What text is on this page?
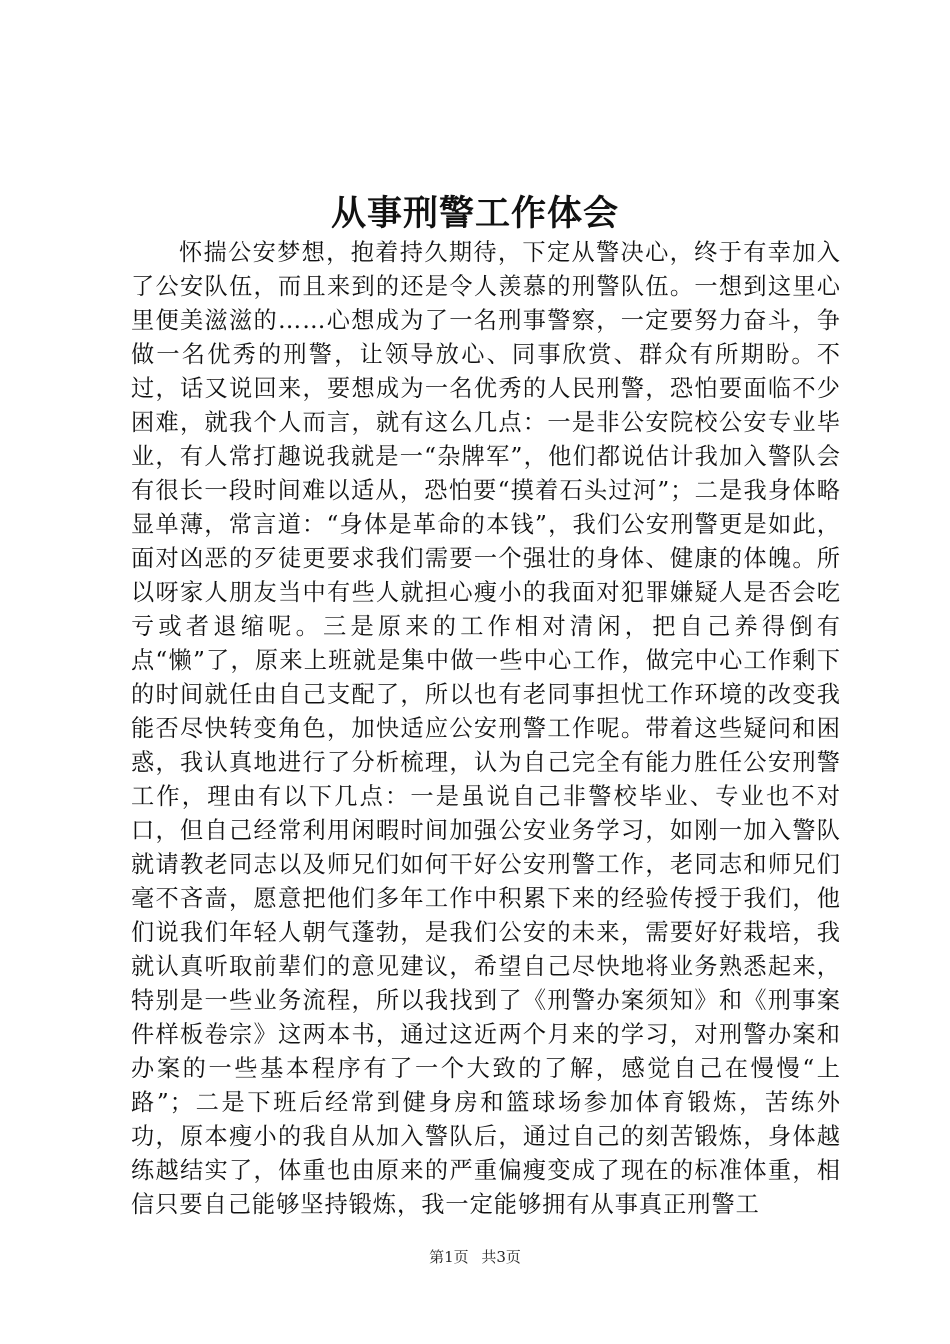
从事刑警工作体会

怀揣公安梦想，抱着持久期待，下定从警决心，终于有幸加入了公安队伍，而且来到的还是令人羡慕的刑警队伍。一想到这里心里便美滋滋的……心想成为了一名刑事警察，一定要努力奋斗，争做一名优秀的刑警，让领导放心、同事欣赏、群众有所期盼。不过，话又说回来，要想成为一名优秀的人民刑警，恐怕要面临不少困难，就我个人而言，就有这么几点：一是非公安院校公安专业毕业，有人常打趣说我就是一“杂牌军”，他们都说估计我加入警队会有很长一段时间难以适从，恐怕要“摸着石头过河”；二是我身体略显单薄，常言道：“身体是革命的本钱”，我们公安刑警更是如此，面对凶恶的歹徒更要求我们需要一个强壮的身体、健康的体魄。所以呀家人朋友当中有些人就担心瘦小的我面对犯罪嫌疑人是否会吃亏或者退缩呢。三是原来的工作相对清闲，把自己养得倒有点“懒”了，原来上班就是集中做一些中心工作，做完中心工作剩下的时间就任由自己支配了，所以也有老同事担忧工作环境的改变我能否尽快转变角色，加快适应公安刑警工作呢。带着这些疑问和困惑，我认真地进行了分析梳理，认为自己完全有能力胜任公安刑警工作，理由有以下几点：一是虽说自己非警校毕业、专业也不对口，但自己经常利用闲暇时间加强公安业务学习，如刚一加入警队就请教老同志以及师兄们如何干好公安刑警工作，老同志和师兄们毫不吝啬，愿意把他们多年工作中积累下来的经验传授于我们，他们说我们年轻人朝气蓬勃，是我们公安的未来，需要好好栽培，我就认真听取前辈们的意见建议，希望自己尽快地将业务熟悉起来，特别是一些业务流程，所以我找到了《刑警办案须知》和《刑事案件样板卷宗》这两本书，通过这近两个月来的学习，对刑警办案和办案的一些基本程序有了一个大致的了解，感觉自己在慢慢“上路”；二是下班后经常到健身房和篮球场参加体育锻炼，苦练外功，原本瘦小的我自从加入警队后，通过自己的刻苦锻炼，身体越练越结实了，体重也由原来的严重偏瘦变成了现在的标准体重，相信只要自己能够坚持锻炼，我一定能够拥有从事真正刑警工

第1页 共3页
